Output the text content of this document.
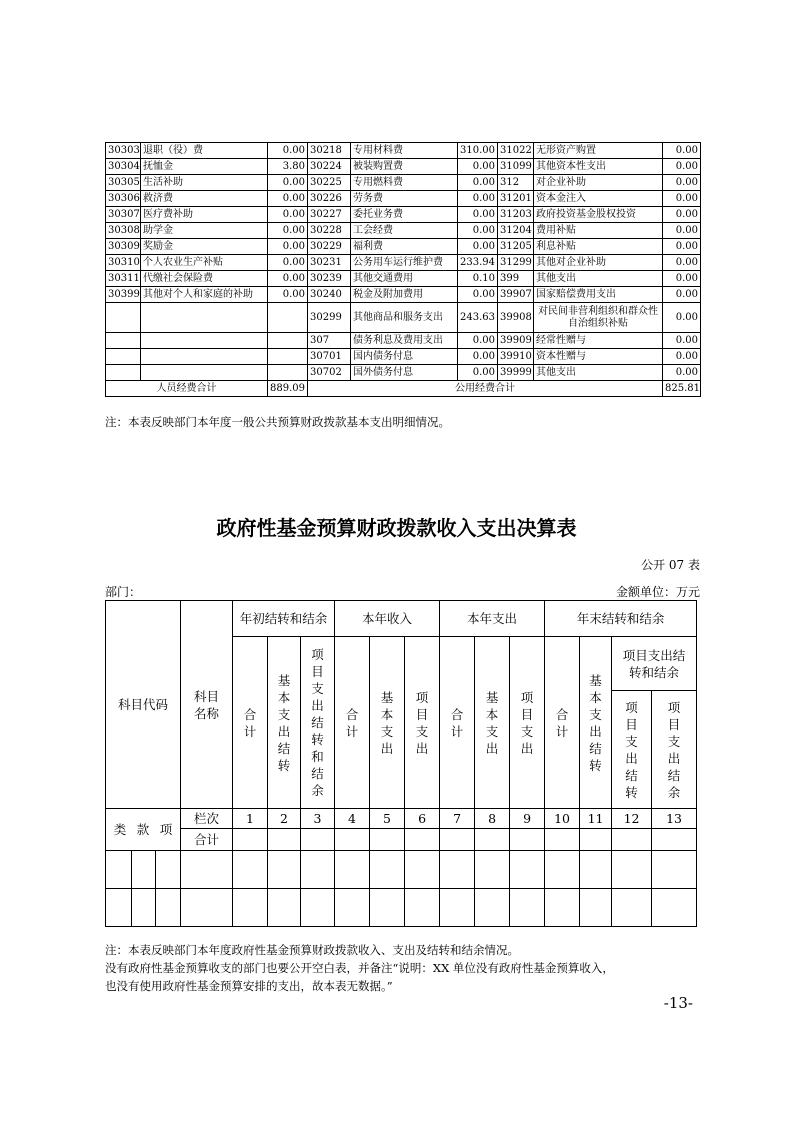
30303	退职（役）费	0.00	30218	专用材料费	310.00	31022	无形资产购置	0.00
30304	抚恤金	3.80	30224	被装购置费	0.00	31099	其他资本性支出	0.00
30305	生活补助	0.00	30225	专用燃料费	0.00	312	对企业补助	0.00
30306	救济费	0.00	30226	劳务费	0.00	31201	资本金注入	0.00
30307	医疗费补助	0.00	30227	委托业务费	0.00	31203	政府投资基金股权投资	0.00
30308	助学金	0.00	30228	工会经费	0.00	31204	费用补贴	0.00
30309	奖励金	0.00	30229	福利费	0.00	31205	利息补贴	0.00
30310	个人农业生产补贴	0.00	30231	公务用车运行维护费	233.94	31299	其他对企业补助	0.00
30311	代缴社会保险费	0.00	30239	其他交通费用	0.10	399	其他支出	0.00
30399	其他对个人和家庭的补助	0.00	30240	税金及附加费用	0.00	39907	国家赔偿费用支出	0.00
			30299	其他商品和服务支出	243.63	39908	对民间非营利组织和群众性自治组织补贴	0.00
			307	债务利息及费用支出	0.00	39909	经常性赠与	0.00
			30701	国内债务付息	0.00	39910	资本性赠与	0.00
			30702	国外债务付息	0.00	39999	其他支出	0.00
人员经费合计		889.09	公用经费合计					825.81
注：本表反映部门本年度一般公共预算财政拨款基本支出明细情况。
政府性基金预算财政拨款收入支出决算表
公开 07 表
部门：	金额单位：万元
科目代码			科目名称	年初结转和结余			本年收入			本年支出			年末结转和结余			
				合计	基本支出结转	项目支出结转和结余	合计	基本支出	项目支出	合计	基本支出	项目支出	合计	基本支出结转	项目支出结转和结余	
															项目支出结转	项目支出结余
类 款 项			栏次	1	2	3	4	5	6	7	8	9	10	11	12	13
			合计													

注：本表反映部门本年度政府性基金预算财政拨款收入、支出及结转和结余情况。
没有政府性基金预算收支的部门也要公开空白表，并备注“说明：XX 单位没有政府性基金预算收入，
也没有使用政府性基金预算安排的支出，故本表无数据。”
-13-
